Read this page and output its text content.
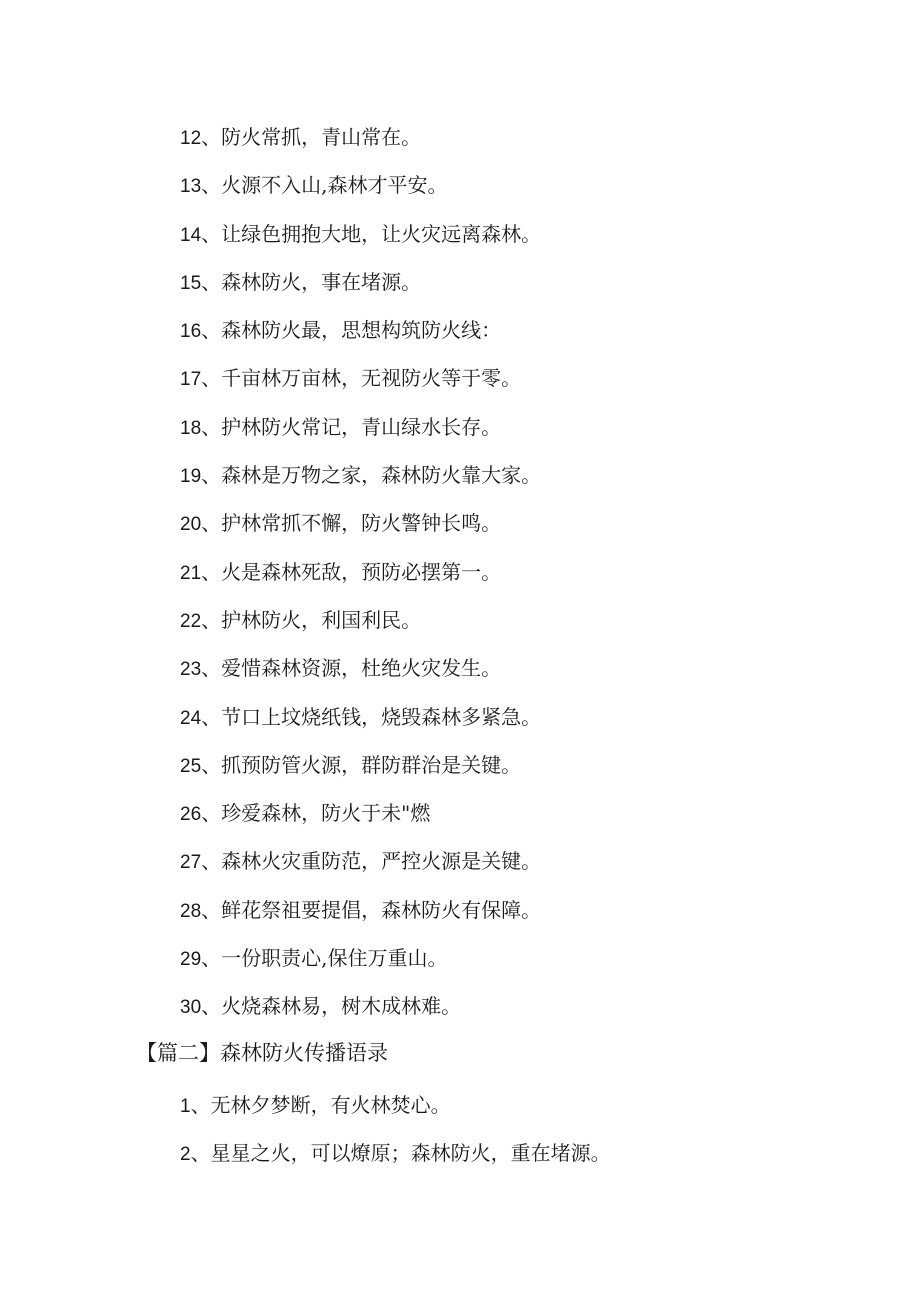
12、防火常抓，青山常在。
13、火源不入山,森林才平安。
14、让绿色拥抱大地，让火灾远离森林。
15、森林防火，事在堵源。
16、森林防火最，思想构筑防火线：
17、千亩林万亩林，无视防火等于零。
18、护林防火常记，青山绿水长存。
19、森林是万物之家，森林防火靠大家。
20、护林常抓不懈，防火警钟长鸣。
21、火是森林死敌，预防必摆第一。
22、护林防火，利国利民。
23、爱惜森林资源，杜绝火灾发生。
24、节口上坟烧纸钱，烧毁森林多紧急。
25、抓预防管火源，群防群治是关键。
26、珍爱森林，防火于未"燃
27、森林火灾重防范，严控火源是关键。
28、鲜花祭祖要提倡，森林防火有保障。
29、一份职责心,保住万重山。
30、火烧森林易，树木成林难。
【篇二】森林防火传播语录
1、无林夕梦断，有火林焚心。
2、星星之火，可以燎原；森林防火，重在堵源。
